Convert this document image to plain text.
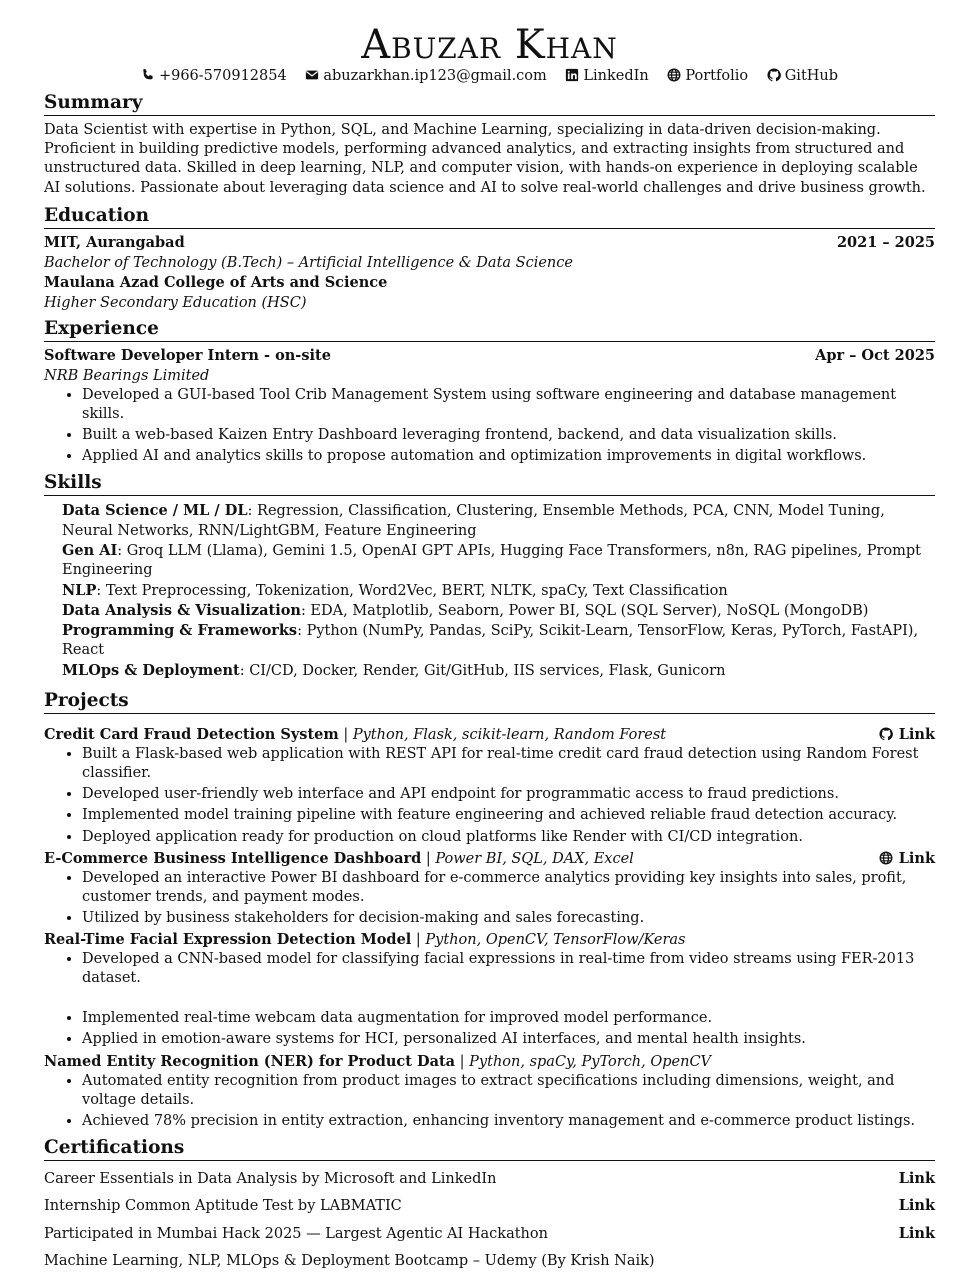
Abuzar Khan
+966-570912854	abuzarkhan.ip123@gmail.com	LinkedIn	Portfolio	GitHub
Summary

Data Scientist with expertise in Python, SQL, and Machine Learning, specializing in data-driven decision-making. Proficient in building predictive models, performing advanced analytics, and extracting insights from structured and unstructured data. Skilled in deep learning, NLP, and computer vision, with hands-on experience in deploying scalable AI solutions. Passionate about leveraging data science and AI to solve real-world challenges and drive business growth.

Education
MIT, Aurangabad	2021 – 2025
Bachelor of Technology (B.Tech) – Artificial Intelligence & Data Science
Maulana Azad College of Arts and Science
Higher Secondary Education (HSC)
Experience
Software Developer Intern - on-site	Apr – Oct 2025
NRB Bearings Limited
• Developed a GUI-based Tool Crib Management System using software engineering and database management skills.
• Built a web-based Kaizen Entry Dashboard leveraging frontend, backend, and data visualization skills.
• Applied AI and analytics skills to propose automation and optimization improvements in digital workflows.
Skills
Data Science / ML / DL: Regression, Classification, Clustering, Ensemble Methods, PCA, CNN, Model Tuning, Neural Networks, RNN/LightGBM, Feature Engineering
Gen AI: Groq LLM (Llama), Gemini 1.5, OpenAI GPT APIs, Hugging Face Transformers, n8n, RAG pipelines, Prompt Engineering
NLP: Text Preprocessing, Tokenization, Word2Vec, BERT, NLTK, spaCy, Text Classification
Data Analysis & Visualization: EDA, Matplotlib, Seaborn, Power BI, SQL (SQL Server), NoSQL (MongoDB)
Programming & Frameworks: Python (NumPy, Pandas, SciPy, Scikit-Learn, TensorFlow, Keras, PyTorch, FastAPI), React
MLOps & Deployment: CI/CD, Docker, Render, Git/GitHub, IIS services, Flask, Gunicorn
Projects
Credit Card Fraud Detection System | Python, Flask, scikit-learn, Random Forest	Link
• Built a Flask-based web application with REST API for real-time credit card fraud detection using Random Forest classifier.
• Developed user-friendly web interface and API endpoint for programmatic access to fraud predictions.
• Implemented model training pipeline with feature engineering and achieved reliable fraud detection accuracy.
• Deployed application ready for production on cloud platforms like Render with CI/CD integration.
E-Commerce Business Intelligence Dashboard | Power BI, SQL, DAX, Excel	Link
• Developed an interactive Power BI dashboard for e-commerce analytics providing key insights into sales, profit, customer trends, and payment modes.
• Utilized by business stakeholders for decision-making and sales forecasting.
Real-Time Facial Expression Detection Model | Python, OpenCV, TensorFlow/Keras
• Developed a CNN-based model for classifying facial expressions in real-time from video streams using FER-2013 dataset.
• Implemented real-time webcam data augmentation for improved model performance.
• Applied in emotion-aware systems for HCI, personalized AI interfaces, and mental health insights.
Named Entity Recognition (NER) for Product Data | Python, spaCy, PyTorch, OpenCV
• Automated entity recognition from product images to extract specifications including dimensions, weight, and voltage details.
• Achieved 78% precision in entity extraction, enhancing inventory management and e-commerce product listings.
Certifications
Career Essentials in Data Analysis by Microsoft and LinkedIn	Link
Internship Common Aptitude Test by LABMATIC	Link
Participated in Mumbai Hack 2025 — Largest Agentic AI Hackathon	Link
Machine Learning, NLP, MLOps & Deployment Bootcamp – Udemy (By Krish Naik)
